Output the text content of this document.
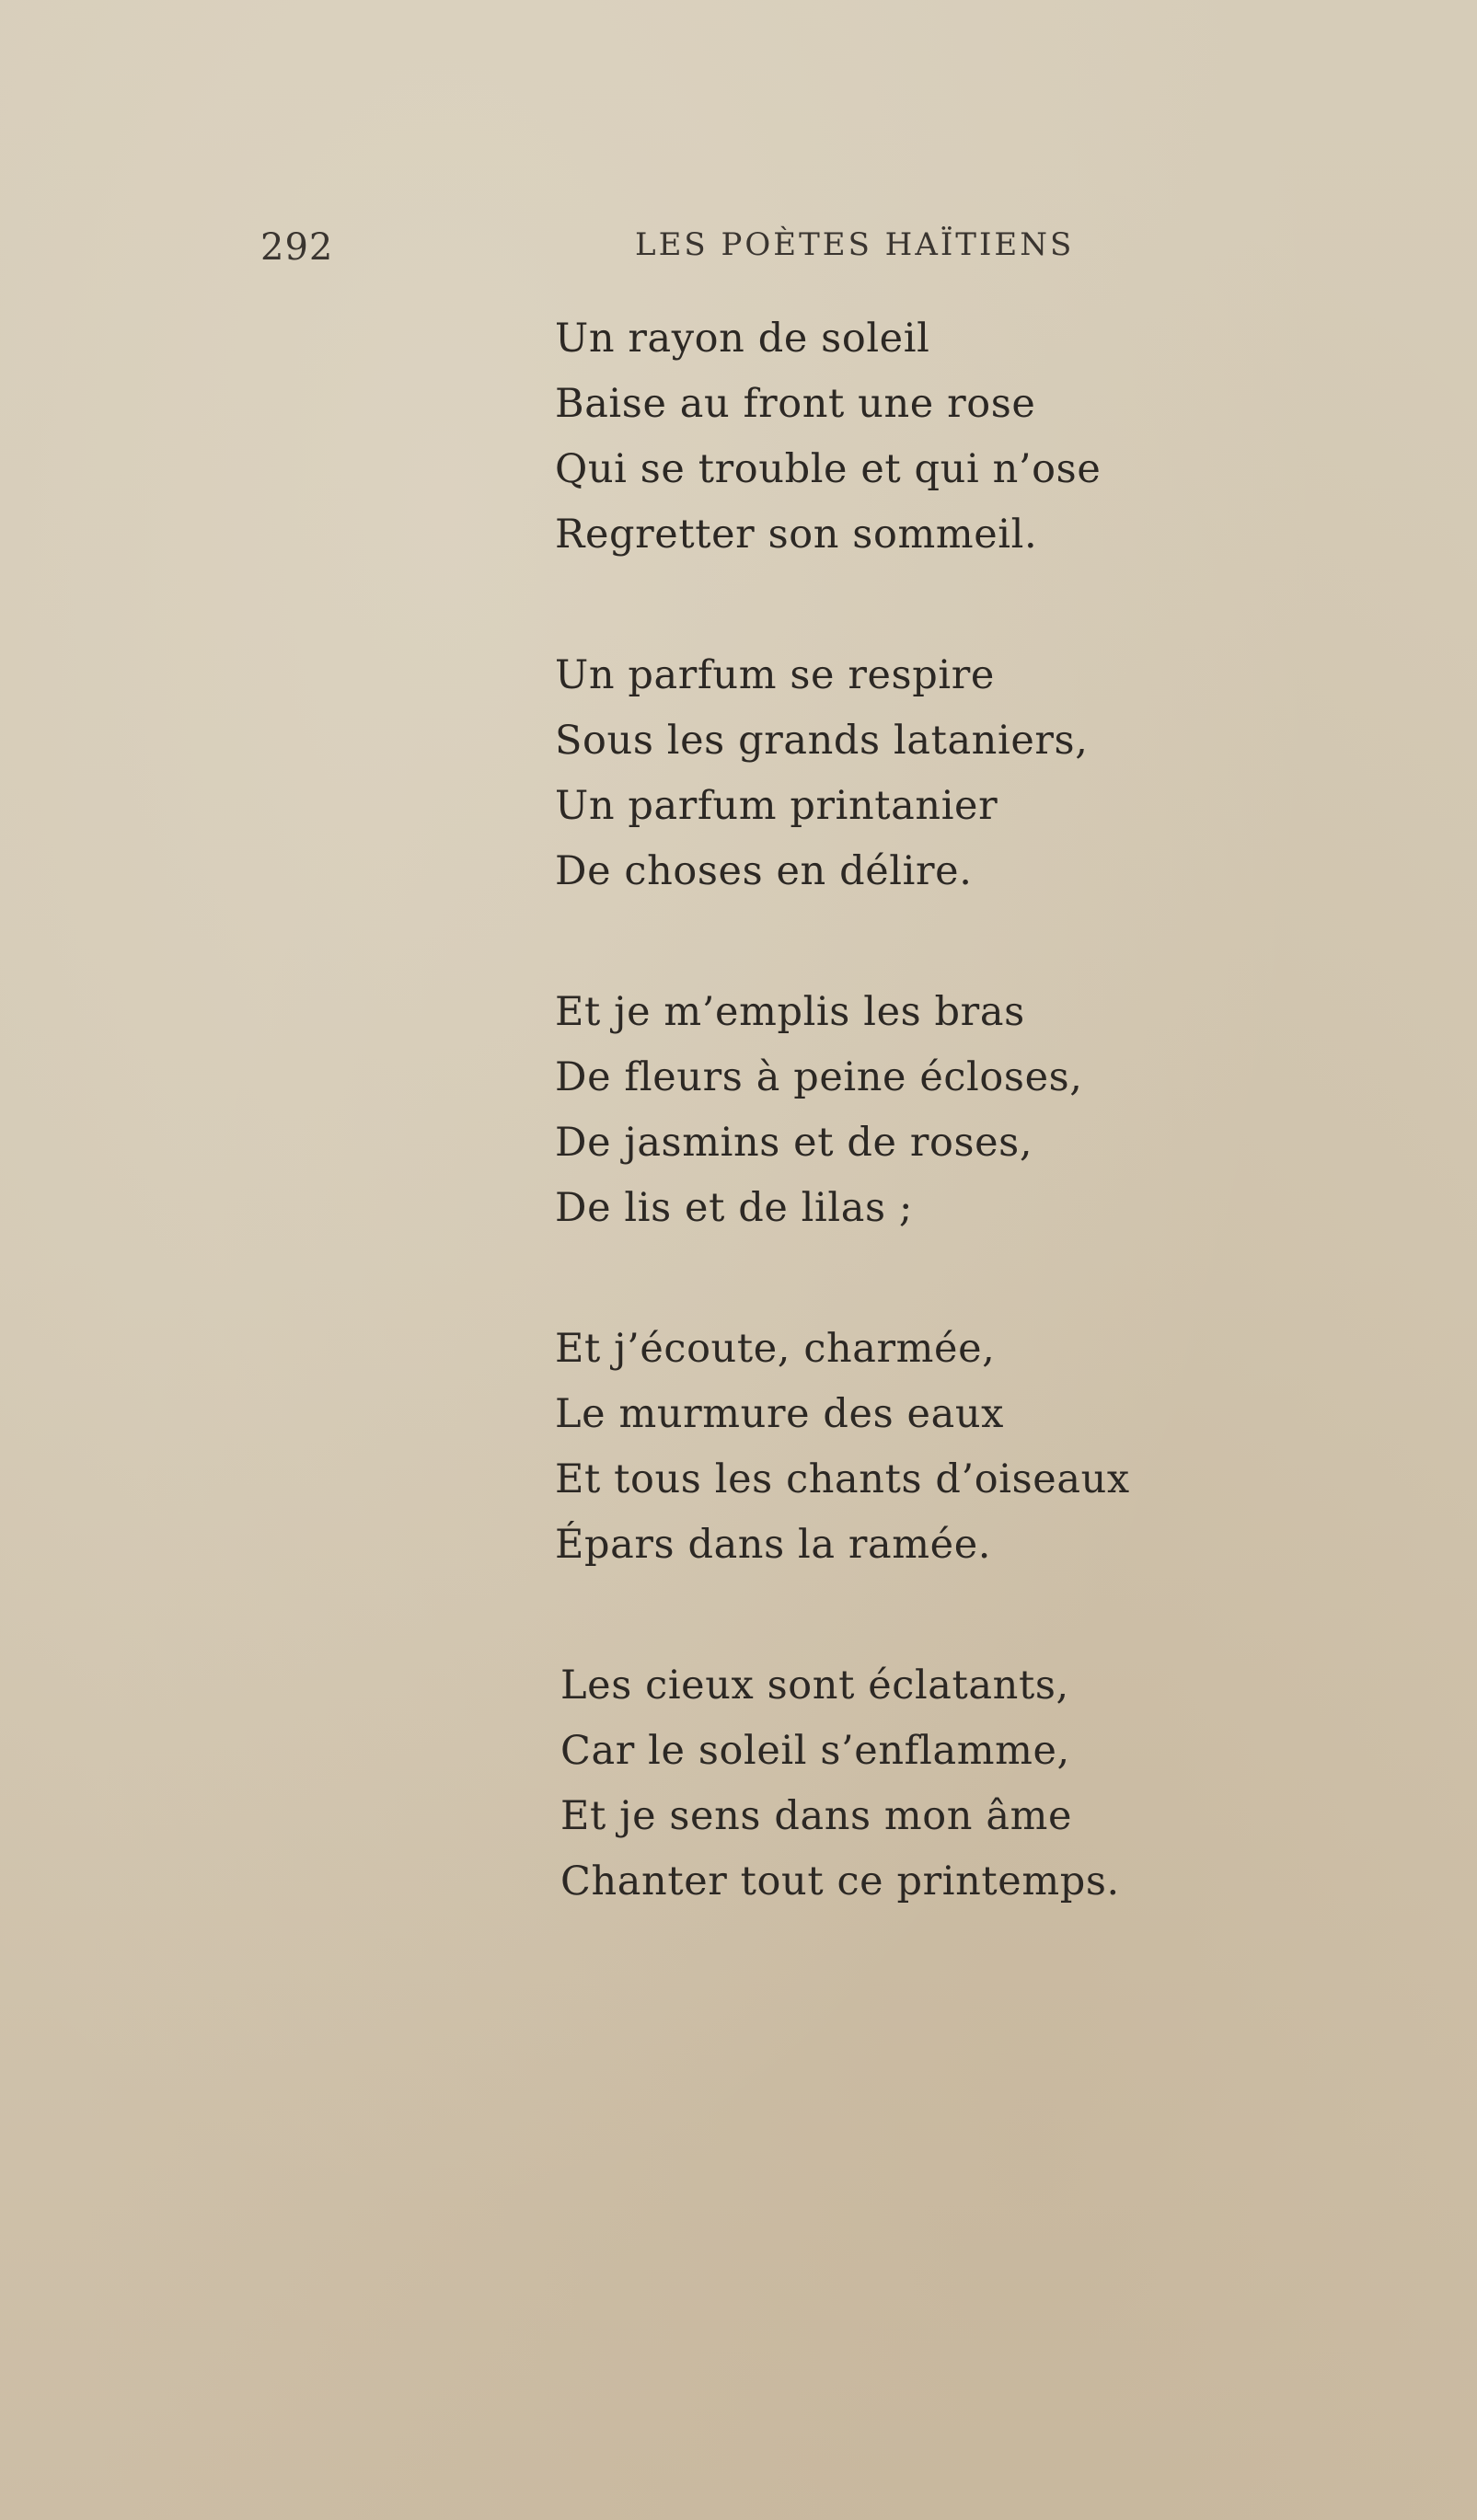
292	LES POÈTES HAÏTIENS
Un rayon de soleil
Baise au front une rose
Qui se trouble et qui n’ose
Regretter son sommeil.
Un parfum se respire
Sous les grands lataniers,
Un parfum printanier
De choses en délire.
Et je m’emplis les bras
De fleurs à peine écloses,
De jasmins et de roses,
De lis et de lilas ;
Et j’écoute, charmée,
Le murmure des eaux
Et tous les chants d’oiseaux
Épars dans la ramée.
Les cieux sont éclatants,
Car le soleil s’enflamme,
Et je sens dans mon âme
Chanter tout ce printemps.
